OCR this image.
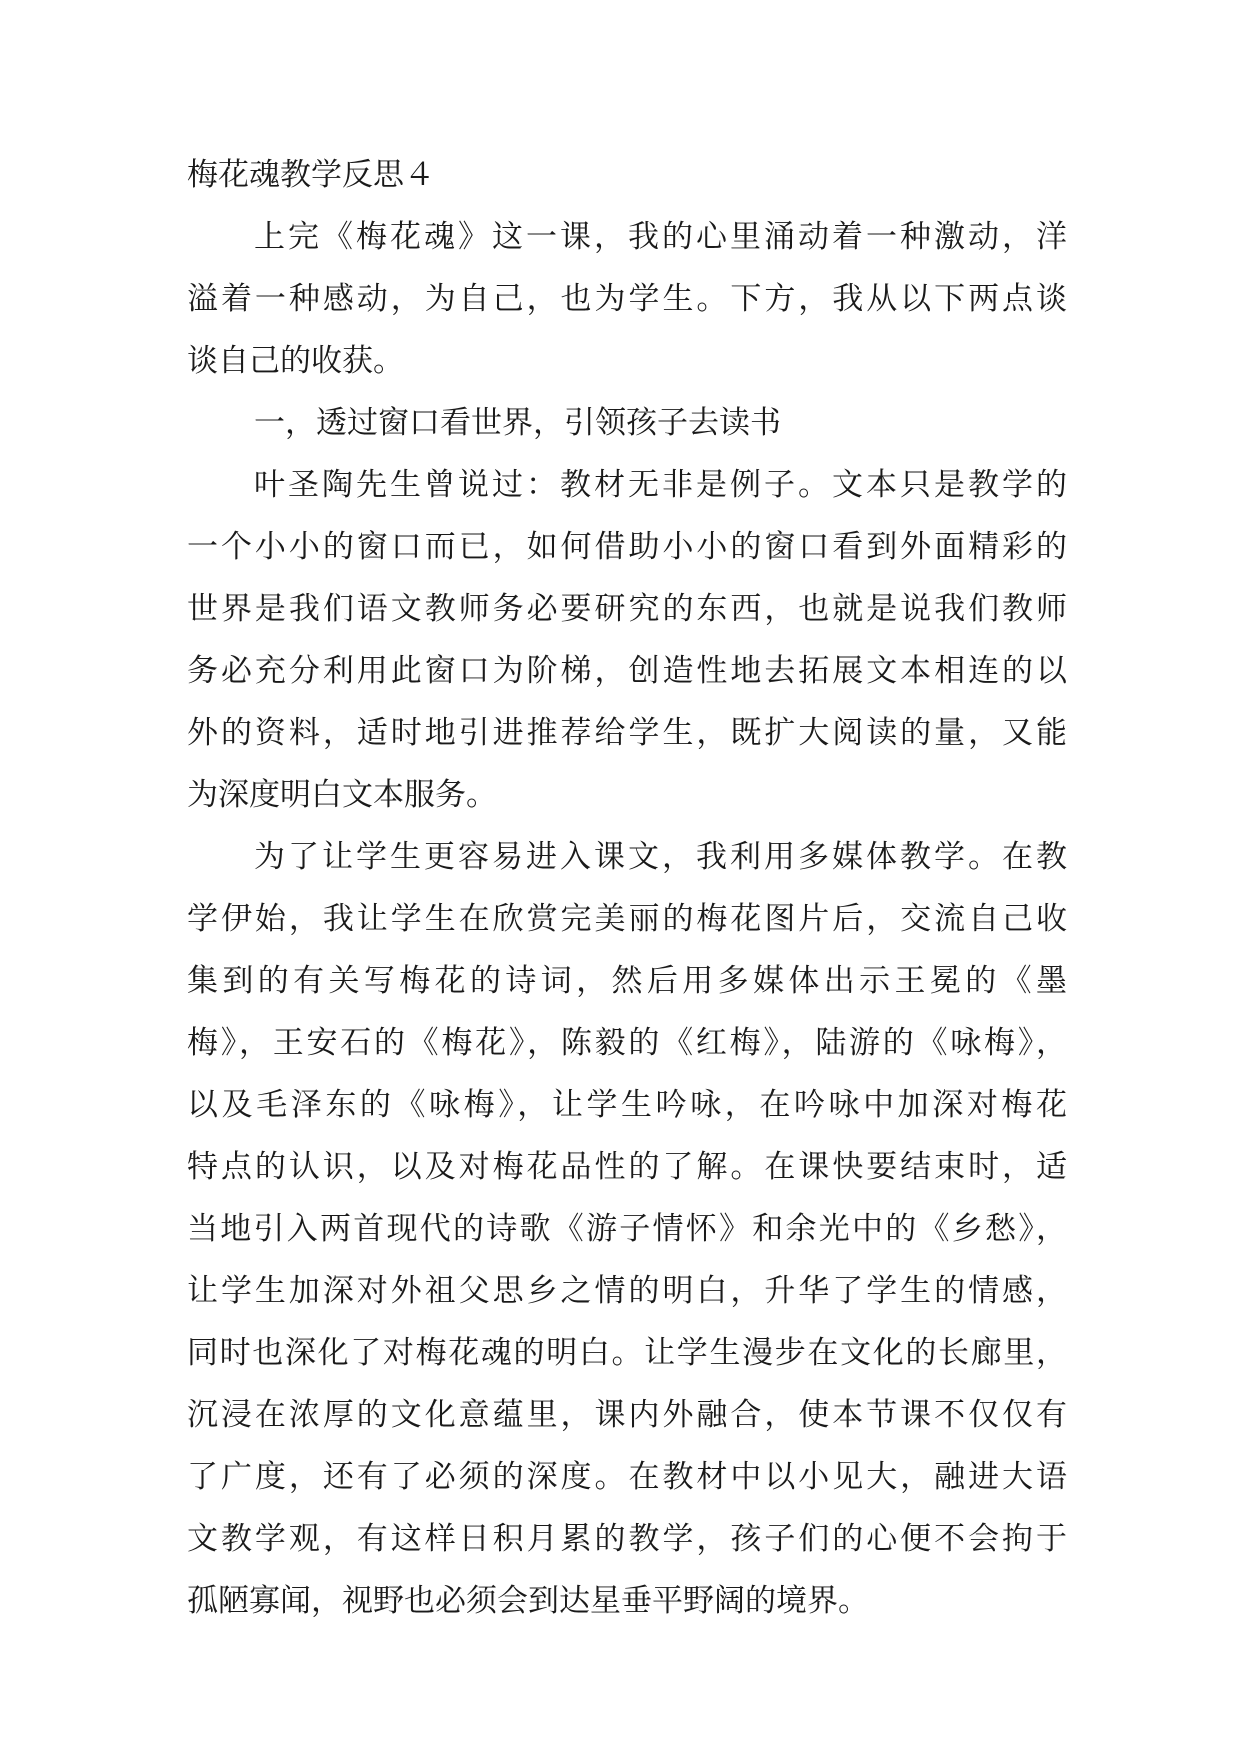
梅花魂教学反思４
上完《梅花魂》这一课，我的心里涌动着一种激动，洋
溢着一种感动，为自己，也为学生。下方，我从以下两点谈
谈自己的收获。
一，透过窗口看世界，引领孩子去读书
叶圣陶先生曾说过：教材无非是例子。文本只是教学的
一个小小的窗口而已，如何借助小小的窗口看到外面精彩的
世界是我们语文教师务必要研究的东西，也就是说我们教师
务必充分利用此窗口为阶梯，创造性地去拓展文本相连的以
外的资料，适时地引进推荐给学生，既扩大阅读的量，又能
为深度明白文本服务。
为了让学生更容易进入课文，我利用多媒体教学。在教
学伊始，我让学生在欣赏完美丽的梅花图片后，交流自己收
集到的有关写梅花的诗词，然后用多媒体出示王冕的《墨
梅》，王安石的《梅花》，陈毅的《红梅》，陆游的《咏梅》，
以及毛泽东的《咏梅》，让学生吟咏，在吟咏中加深对梅花
特点的认识，以及对梅花品性的了解。在课快要结束时，适
当地引入两首现代的诗歌《游子情怀》和余光中的《乡愁》，
让学生加深对外祖父思乡之情的明白，升华了学生的情感，
同时也深化了对梅花魂的明白。让学生漫步在文化的长廊里，
沉浸在浓厚的文化意蕴里，课内外融合，使本节课不仅仅有
了广度，还有了必须的深度。在教材中以小见大，融进大语
文教学观，有这样日积月累的教学，孩子们的心便不会拘于
孤陋寡闻，视野也必须会到达星垂平野阔的境界。
